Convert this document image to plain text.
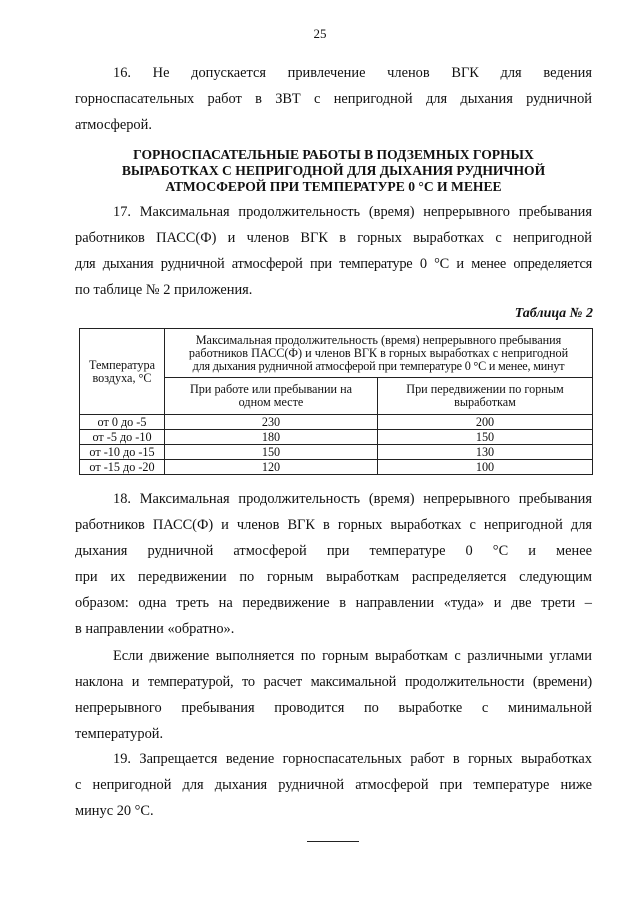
25

16. Не допускается привлечение членов ВГК для ведения
горноспасательных работ в ЗВТ с непригодной для дыхания рудничной
атмосферой.

ГОРНОСПАСАТЕЛЬНЫЕ РАБОТЫ В ПОДЗЕМНЫХ ГОРНЫХ
ВЫРАБОТКАХ С НЕПРИГОДНОЙ ДЛЯ ДЫХАНИЯ РУДНИЧНОЙ
АТМОСФЕРОЙ ПРИ ТЕМПЕРАТУРЕ 0 °С И МЕНЕЕ

17. Максимальная продолжительность (время) непрерывного пребывания
работников ПАСС(Ф) и членов ВГК в горных выработках с непригодной
для дыхания рудничной атмосферой при температуре 0 °С и менее определяется
по таблице № 2 приложения.

Таблица № 2
Температура
воздуха, °С	Максимальная продолжительность (время) непрерывного пребывания
работников ПАСС(Ф) и членов ВГК в горных выработках с непригодной
для дыхания рудничной атмосферой при температуре 0 °С и менее, минут	
	При работе или пребывании на
одном месте	При передвижении по горным
выработкам
от 0 до -5	230	200
от -5 до -10	180	150
от -10 до -15	150	130
от -15 до -20	120	100

18. Максимальная продолжительность (время) непрерывного пребывания
работников ПАСС(Ф) и членов ВГК в горных выработках с непригодной для
дыхания рудничной атмосферой при температуре 0 °С и менее
при их передвижении по горным выработкам распределяется следующим
образом: одна треть на передвижение в направлении «туда» и две трети –
в направлении «обратно».

Если движение выполняется по горным выработкам с различными углами
наклона и температурой, то расчет максимальной продолжительности (времени)
непрерывного пребывания проводится по выработке с минимальной
температурой.

19. Запрещается ведение горноспасательных работ в горных выработках
с непригодной для дыхания рудничной атмосферой при температуре ниже
минус 20 °С.
